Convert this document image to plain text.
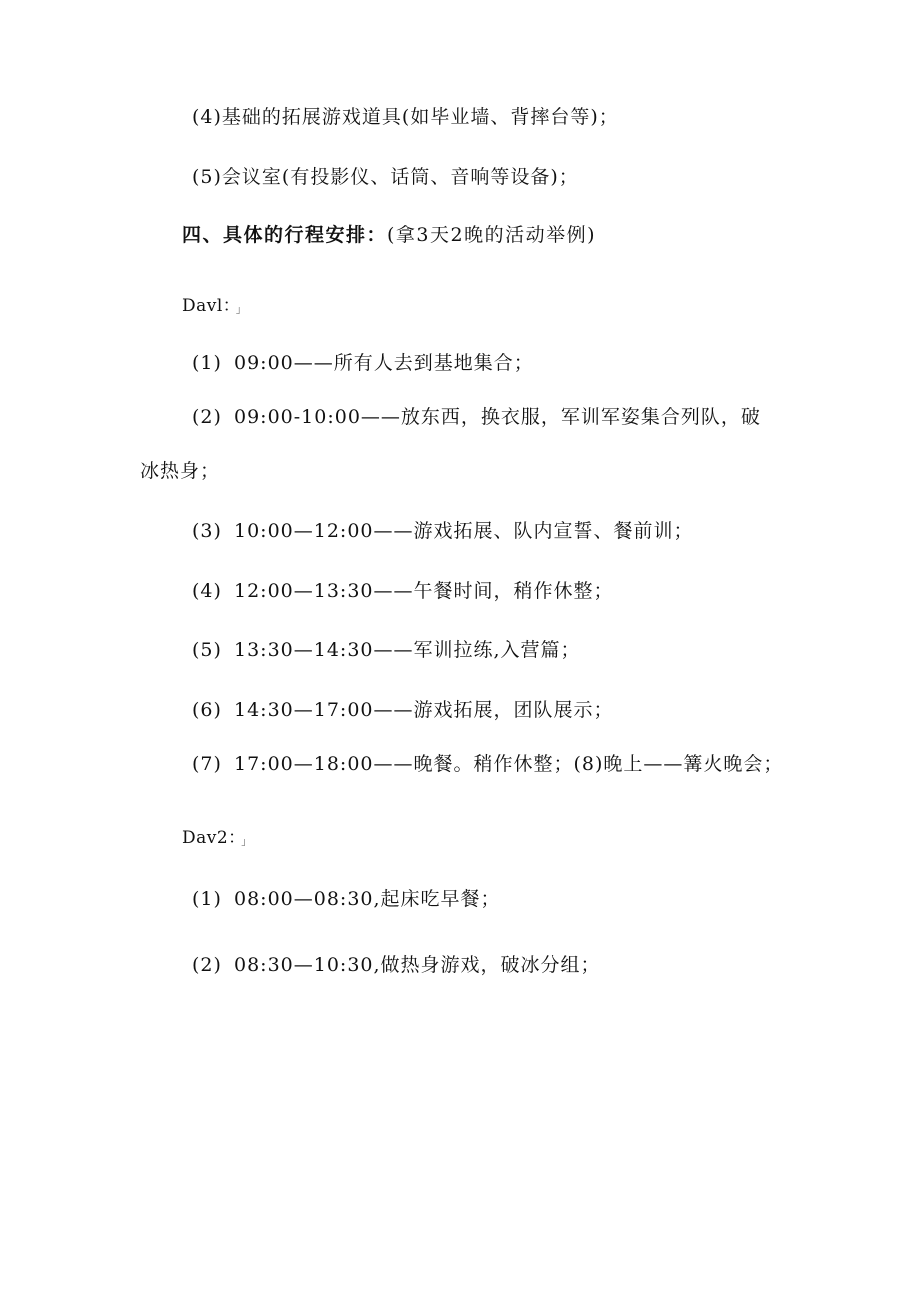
(4)基础的拓展游戏道具(如毕业墙、背摔台等)；
(5)会议室(有投影仪、话筒、音响等设备)；
四、具体的行程安排：(拿3天2晚的活动举例)
Davl： 」
(1) 09:00——所有人去到基地集合；
(2) 09:00-10:00——放东西，换衣服，军训军姿集合列队，破
冰热身；
(3) 10:00—12:00——游戏拓展、队内宣誓、餐前训；
(4) 12:00—13:30——午餐时间，稍作休整；
(5) 13:30—14:30——军训拉练,入营篇；
(6) 14:30—17:00——游戏拓展，团队展示；
(7) 17:00—18:00——晚餐。稍作休整；(8)晚上——篝火晚会；
Dav2： 」
(1) 08:00—08:30,起床吃早餐；
(2) 08:30—10:30,做热身游戏，破冰分组；
